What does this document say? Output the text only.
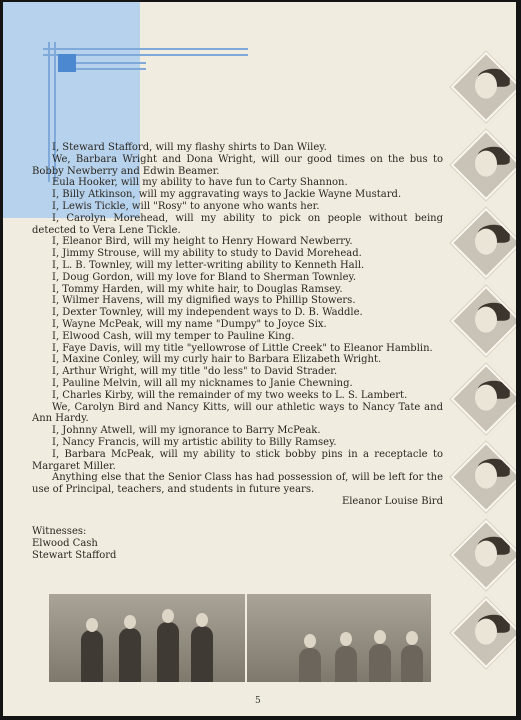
I, Steward Stafford, will my flashy shirts to Dan Wiley.

We, Barbara Wright and Dona Wright, will our good times on the bus to Bobby Newberry and Edwin Beamer.

Eula Hooker, will my ability to have fun to Carty Shannon.

I, Billy Atkinson, will my aggravating ways to Jackie Wayne Mustard.

I, Lewis Tickle, will "Rosy" to anyone who wants her.

I, Carolyn Morehead, will my ability to pick on people without being detected to Vera Lene Tickle.

I, Eleanor Bird, will my height to Henry Howard Newberry.

I, Jimmy Strouse, will my ability to study to David Morehead.

I, L. B. Townley, will my letter-writing ability to Kenneth Hall.

I, Doug Gordon, will my love for Bland to Sherman Townley.

I, Tommy Harden, will my white hair, to Douglas Ramsey.

I, Wilmer Havens, will my dignified ways to Phillip Stowers.

I, Dexter Townley, will my independent ways to D. B. Waddle.

I, Wayne McPeak, will my name "Dumpy" to Joyce Six.

I, Elwood Cash, will my temper to Pauline King.

I, Faye Davis, will my title "yellowrose of Little Creek" to Eleanor Hamblin.

I, Maxine Conley, will my curly hair to Barbara Elizabeth Wright.

I, Arthur Wright, will my title "do less" to David Strader.

I, Pauline Melvin, will all my nicknames to Janie Chewning.

I, Charles Kirby, will the remainder of my two weeks to L. S. Lambert.

We, Carolyn Bird and Nancy Kitts, will our athletic ways to Nancy Tate and Ann Hardy.

I, Johnny Atwell, will my ignorance to Barry McPeak.

I, Nancy Francis, will my artistic ability to Billy Ramsey.

I, Barbara McPeak, will my ability to stick bobby pins in a receptacle to Margaret Miller.

Anything else that the Senior Class has had possession of, will be left for the use of Principal, teachers, and students in future years.

Eleanor Louise Bird
Witnesses:
Elwood Cash
Stewart Stafford
5
